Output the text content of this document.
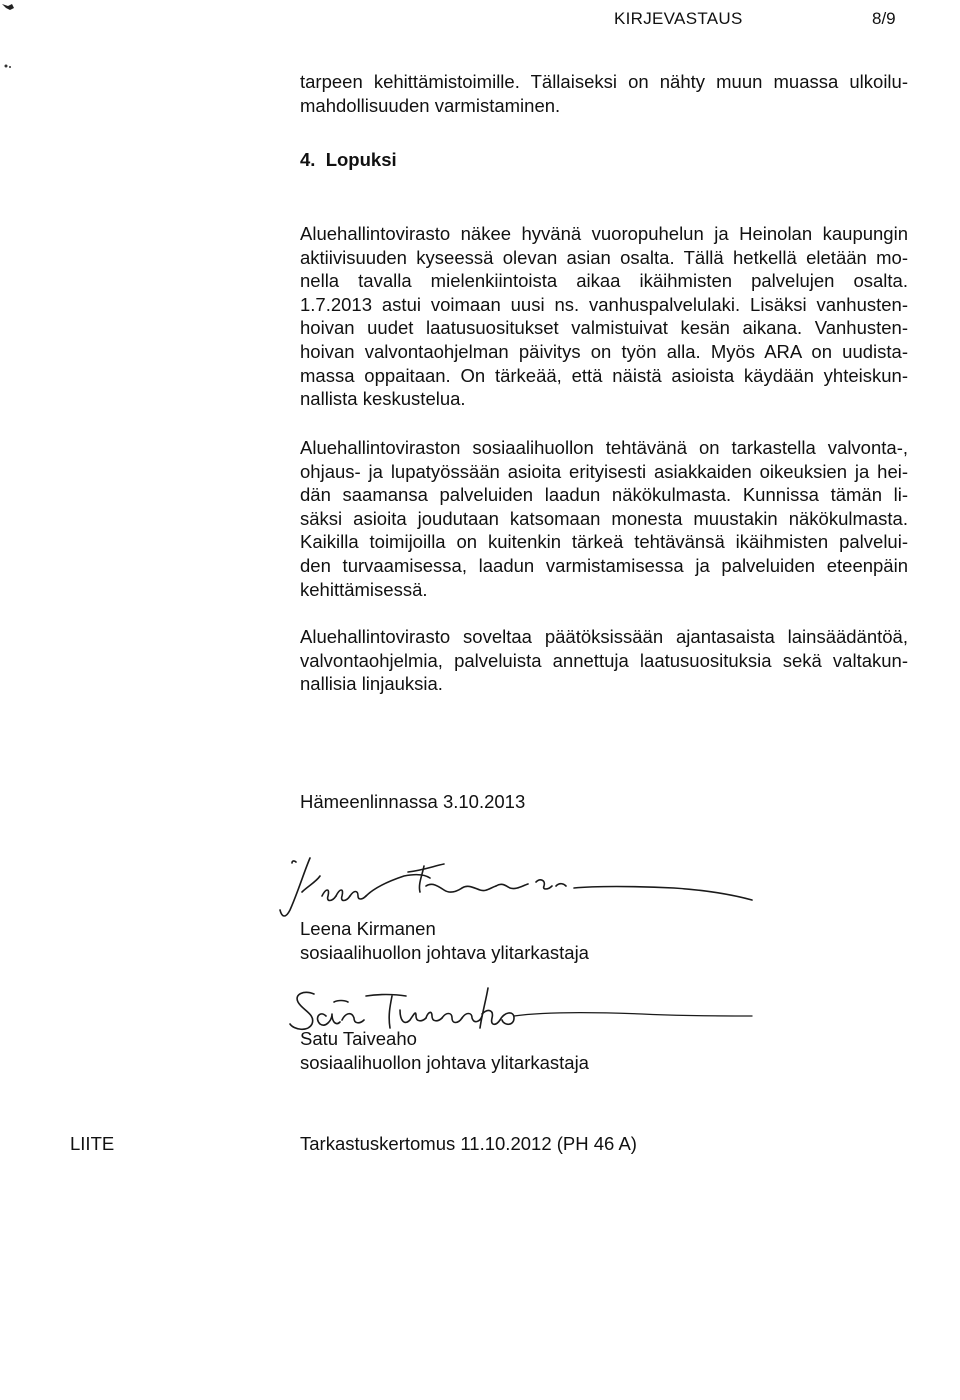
KIRJEVASTAUS	8/9
tarpeen kehittämistoimille. Tällaiseksi on nähty muun muassa ulkoilu-
mahdollisuuden varmistaminen.
4.  Lopuksi
Aluehallintovirasto näkee hyvänä vuoropuhelun ja Heinolan kaupungin
aktiivisuuden kyseessä olevan asian osalta. Tällä hetkellä eletään mo-
nella tavalla mielenkiintoista aikaa ikäihmisten palvelujen osalta.
1.7.2013 astui voimaan uusi ns. vanhuspalvelulaki. Lisäksi vanhusten-
hoivan uudet laatusuositukset valmistuivat kesän aikana. Vanhusten-
hoivan valvontaohjelman päivitys on työn alla. Myös ARA on uudista-
massa oppaitaan. On tärkeää, että näistä asioista käydään yhteiskun-
nallista keskustelua.
Aluehallintoviraston sosiaalihuollon tehtävänä on tarkastella valvonta-,
ohjaus- ja lupatyössään asioita erityisesti asiakkaiden oikeuksien ja hei-
dän saamansa palveluiden laadun näkökulmasta. Kunnissa tämän li-
säksi asioita joudutaan katsomaan monesta muustakin näkökulmasta.
Kaikilla toimijoilla on kuitenkin tärkeä tehtävänsä ikäihmisten palvelui-
den turvaamisessa, laadun varmistamisessa ja palveluiden eteenpäin
kehittämisessä.
Aluehallintovirasto soveltaa päätöksissään ajantasaista lainsäädäntöä,
valvontaohjelmia, palveluista annettuja laatusuosituksia sekä valtakun-
nallisia linjauksia.
Hämeenlinnassa 3.10.2013
Leena Kirmanen
sosiaalihuollon johtava ylitarkastaja
Satu Taiveaho
sosiaalihuollon johtava ylitarkastaja
LIITE	Tarkastuskertomus 11.10.2012 (PH 46 A)
